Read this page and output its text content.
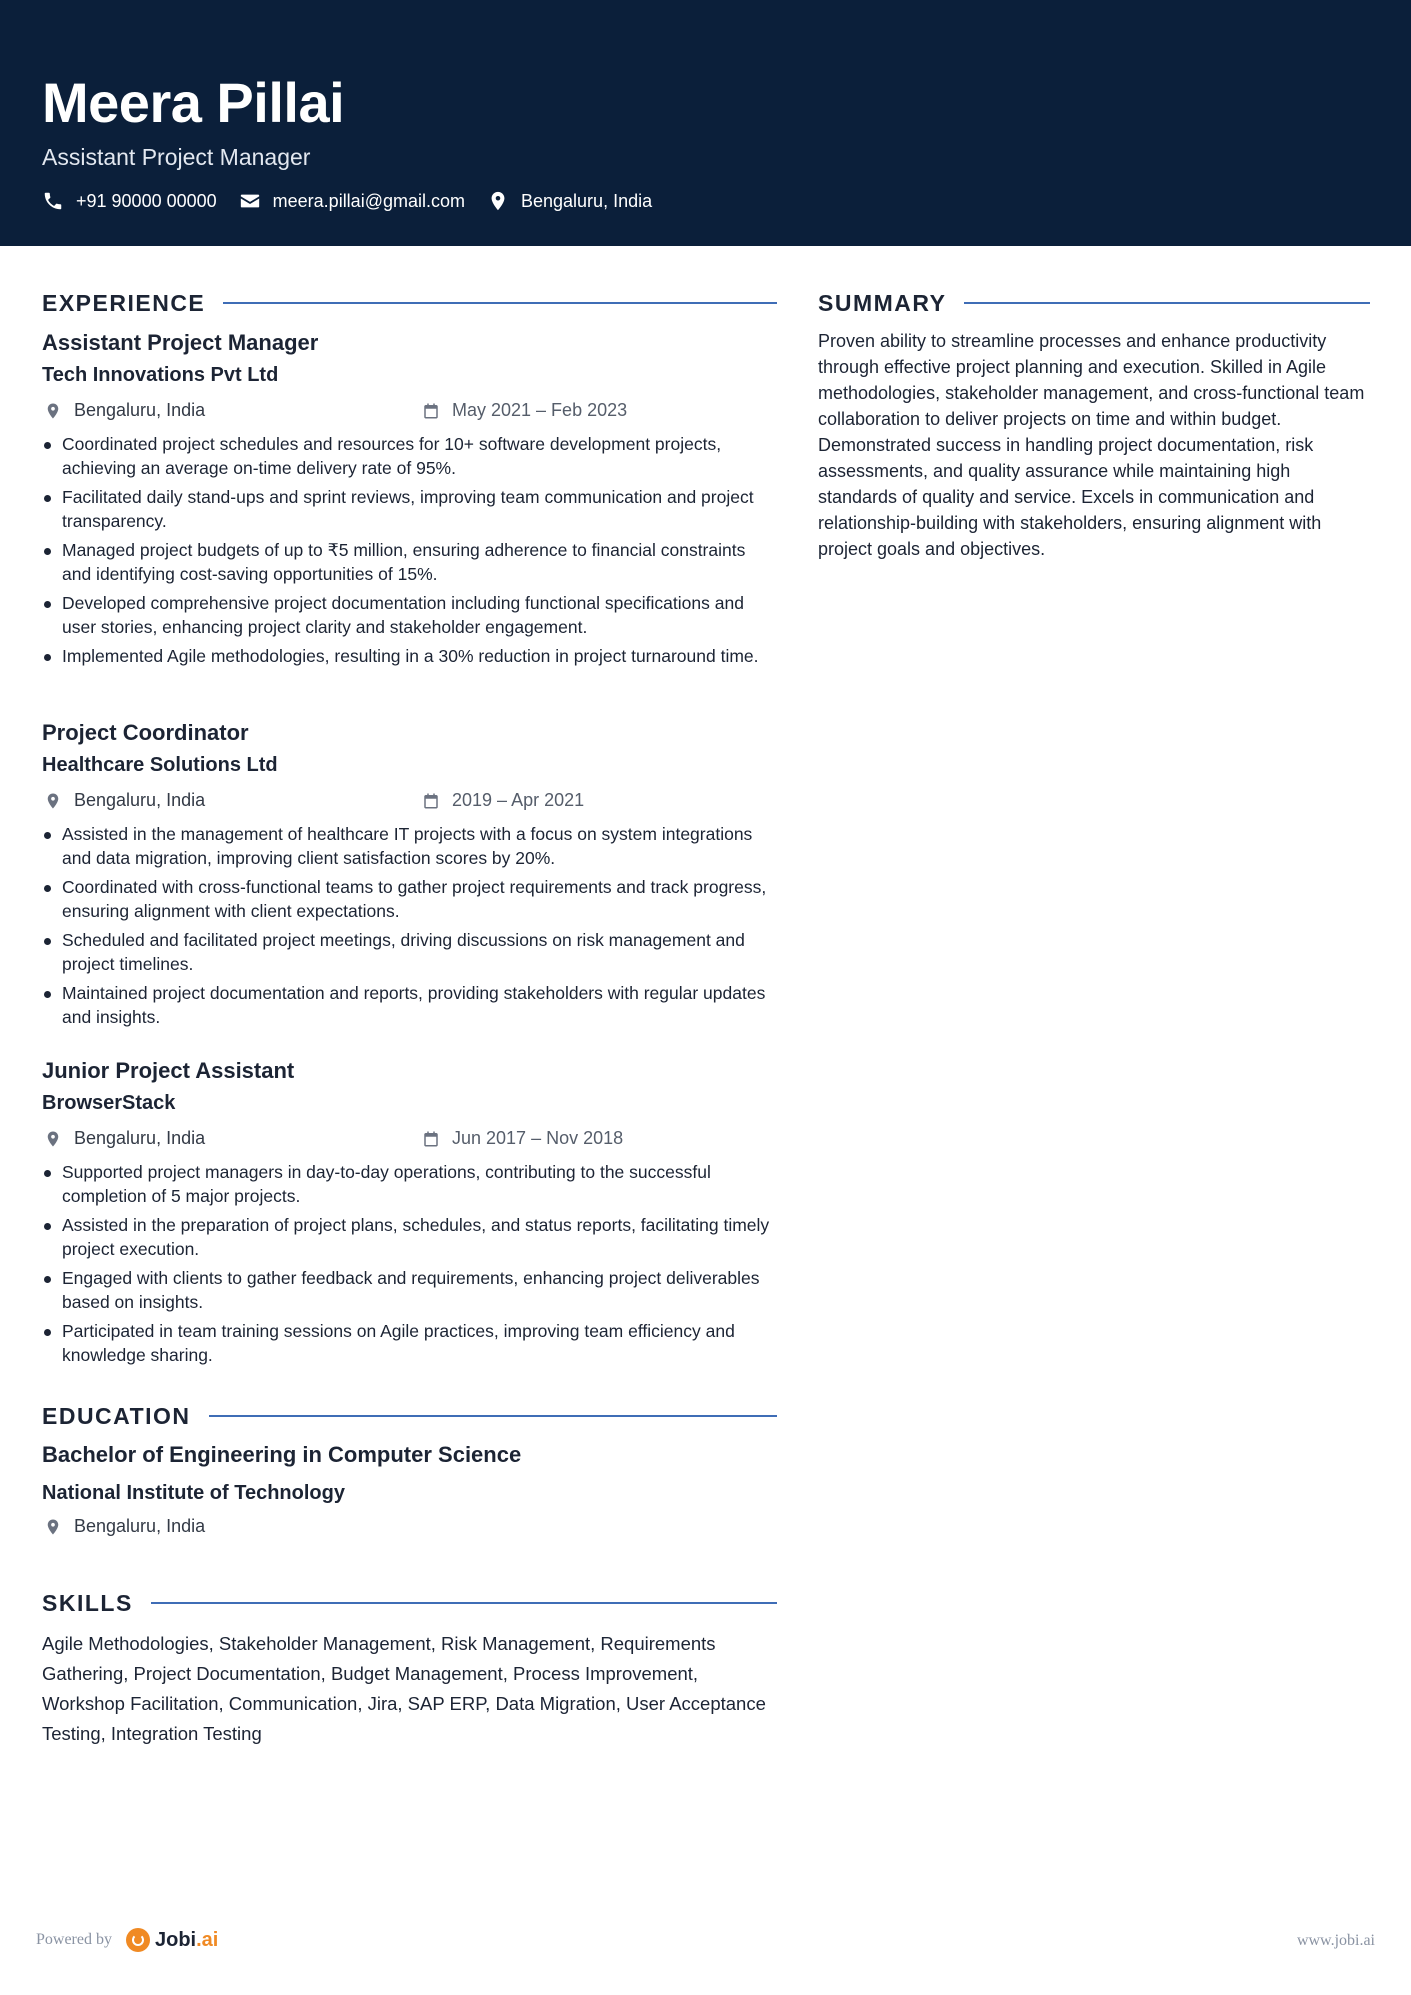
Meera Pillai
Assistant Project Manager
+91 90000 00000	meera.pillai@gmail.com	Bengaluru, India
EXPERIENCE
Assistant Project Manager
Tech Innovations Pvt Ltd
Bengaluru, India	May 2021 – Feb 2023
Coordinated project schedules and resources for 10+ software development projects, achieving an average on-time delivery rate of 95%.
Facilitated daily stand-ups and sprint reviews, improving team communication and project transparency.
Managed project budgets of up to ₹5 million, ensuring adherence to financial constraints and identifying cost-saving opportunities of 15%.
Developed comprehensive project documentation including functional specifications and user stories, enhancing project clarity and stakeholder engagement.
Implemented Agile methodologies, resulting in a 30% reduction in project turnaround time.
Project Coordinator
Healthcare Solutions Ltd
Bengaluru, India	2019 – Apr 2021
Assisted in the management of healthcare IT projects with a focus on system integrations and data migration, improving client satisfaction scores by 20%.
Coordinated with cross-functional teams to gather project requirements and track progress, ensuring alignment with client expectations.
Scheduled and facilitated project meetings, driving discussions on risk management and project timelines.
Maintained project documentation and reports, providing stakeholders with regular updates and insights.
Junior Project Assistant
BrowserStack
Bengaluru, India	Jun 2017 – Nov 2018
Supported project managers in day-to-day operations, contributing to the successful completion of 5 major projects.
Assisted in the preparation of project plans, schedules, and status reports, facilitating timely project execution.
Engaged with clients to gather feedback and requirements, enhancing project deliverables based on insights.
Participated in team training sessions on Agile practices, improving team efficiency and knowledge sharing.
SUMMARY
Proven ability to streamline processes and enhance productivity through effective project planning and execution. Skilled in Agile methodologies, stakeholder management, and cross-functional team collaboration to deliver projects on time and within budget. Demonstrated success in handling project documentation, risk assessments, and quality assurance while maintaining high standards of quality and service. Excels in communication and relationship-building with stakeholders, ensuring alignment with project goals and objectives.
EDUCATION
Bachelor of Engineering in Computer Science
National Institute of Technology
Bengaluru, India
SKILLS
Agile Methodologies, Stakeholder Management, Risk Management, Requirements Gathering, Project Documentation, Budget Management, Process Improvement, Workshop Facilitation, Communication, Jira, SAP ERP, Data Migration, User Acceptance Testing, Integration Testing
Powered by Jobi.ai	www.jobi.ai
